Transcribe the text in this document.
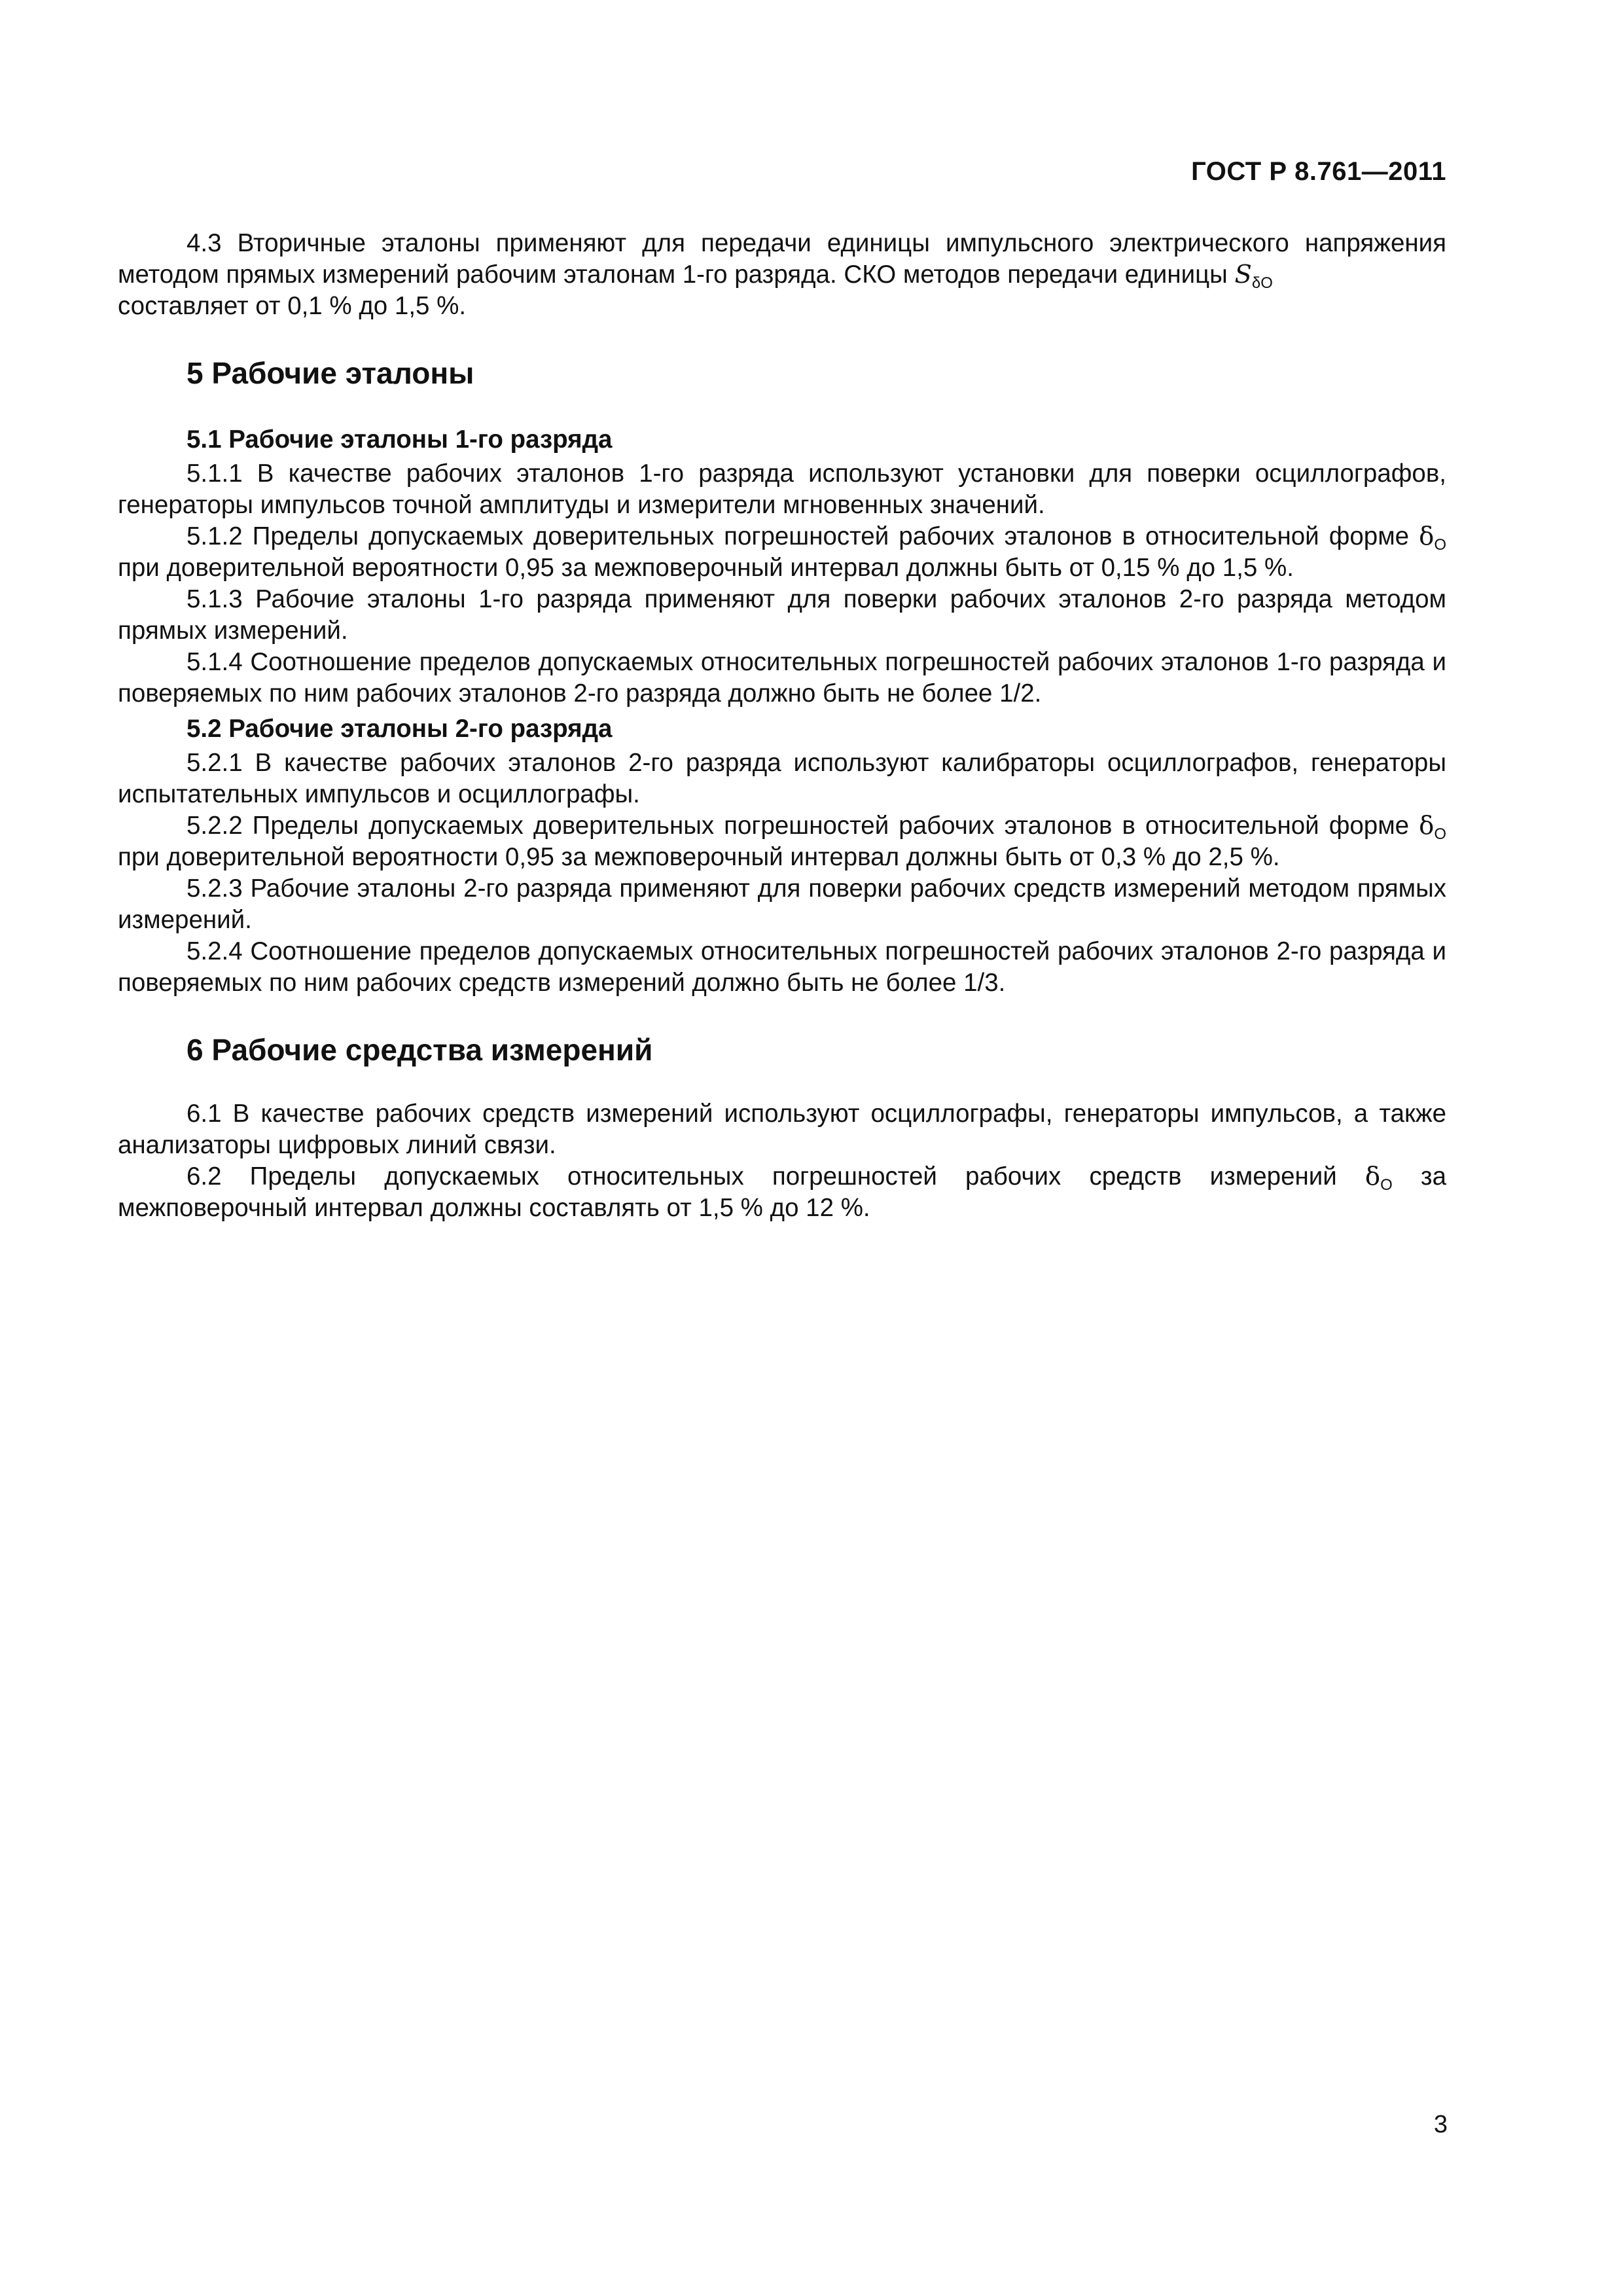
ГОСТ Р 8.761—2011

4.3 Вторичные эталоны применяют для передачи единицы импульсного электрического напряжения методом прямых измерений рабочим эталонам 1-го разряда. СКО методов передачи единицы $S_{\delta O}$

составляет от 0,1 % до 1,5 %.

5 Рабочие эталоны
5.1 Рабочие эталоны 1-го разряда

5.1.1 В качестве рабочих эталонов 1-го разряда используют установки для поверки осциллографов, генераторы импульсов точной амплитуды и измерители мгновенных значений.

5.1.2 Пределы допускаемых доверительных погрешностей рабочих эталонов в относительной форме $\delta_O$ при доверительной вероятности 0,95 за межповерочный интервал должны быть от 0,15 % до 1,5 %.

5.1.3 Рабочие эталоны 1-го разряда применяют для поверки рабочих эталонов 2-го разряда методом прямых измерений.

5.1.4 Соотношение пределов допускаемых относительных погрешностей рабочих эталонов 1-го разряда и поверяемых по ним рабочих эталонов 2-го разряда должно быть не более 1/2.

5.2 Рабочие эталоны 2-го разряда

5.2.1 В качестве рабочих эталонов 2-го разряда используют калибраторы осциллографов, генераторы испытательных импульсов и осциллографы.

5.2.2 Пределы допускаемых доверительных погрешностей рабочих эталонов в относительной форме $\delta_O$ при доверительной вероятности 0,95 за межповерочный интервал должны быть от 0,3 % до 2,5 %.

5.2.3 Рабочие эталоны 2-го разряда применяют для поверки рабочих средств измерений методом прямых измерений.

5.2.4 Соотношение пределов допускаемых относительных погрешностей рабочих эталонов 2-го разряда и поверяемых по ним рабочих средств измерений должно быть не более 1/3.

6 Рабочие средства измерений

6.1 В качестве рабочих средств измерений используют осциллографы, генераторы импульсов, а также анализаторы цифровых линий связи.

6.2 Пределы допускаемых относительных погрешностей рабочих средств измерений $\delta_O$ за межповерочный интервал должны составлять от 1,5 % до 12 %.

3
